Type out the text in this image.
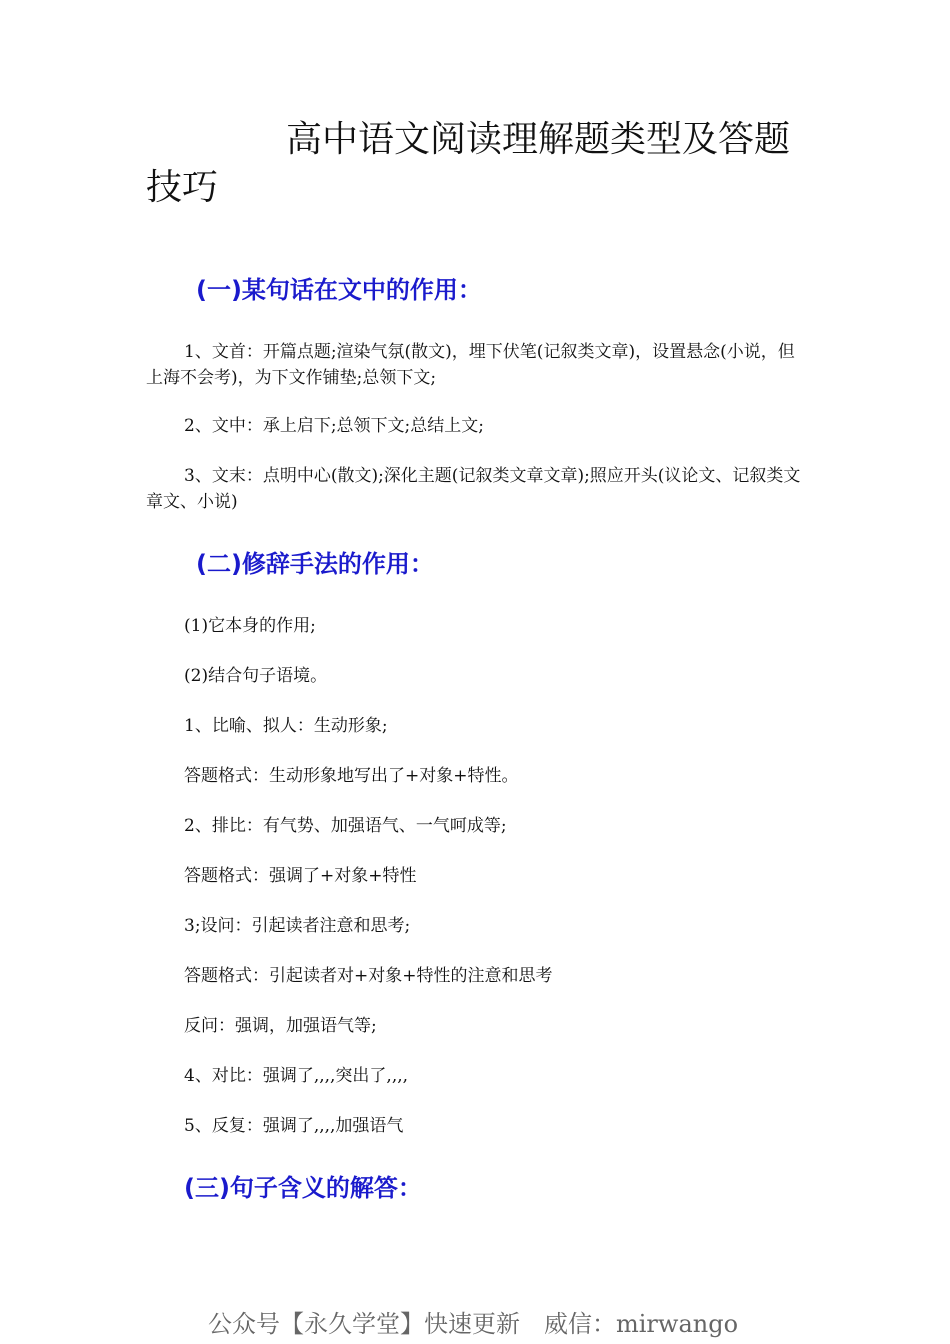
高中语文阅读理解题类型及答题
技巧
(一)某句话在文中的作用：
1、文首：开篇点题;渲染气氛(散文)，埋下伏笔(记叙类文章)，设置悬念(小说，但上海不会考)，为下文作铺垫;总领下文;
2、文中：承上启下;总领下文;总结上文;
3、文末：点明中心(散文);深化主题(记叙类文章文章);照应开头(议论文、记叙类文章文、小说)
(二)修辞手法的作用：
(1)它本身的作用;
(2)结合句子语境。
1、比喻、拟人：生动形象;
答题格式：生动形象地写出了+对象+特性。
2、排比：有气势、加强语气、一气呵成等;
答题格式：强调了+对象+特性
3;设问：引起读者注意和思考;
答题格式：引起读者对+对象+特性的注意和思考
反问：强调，加强语气等;
4、对比：强调了,,,,突出了,,,,
5、反复：强调了,,,,加强语气
(三)句子含义的解答：
公众号【永久学堂】快速更新　威信：mirwango
